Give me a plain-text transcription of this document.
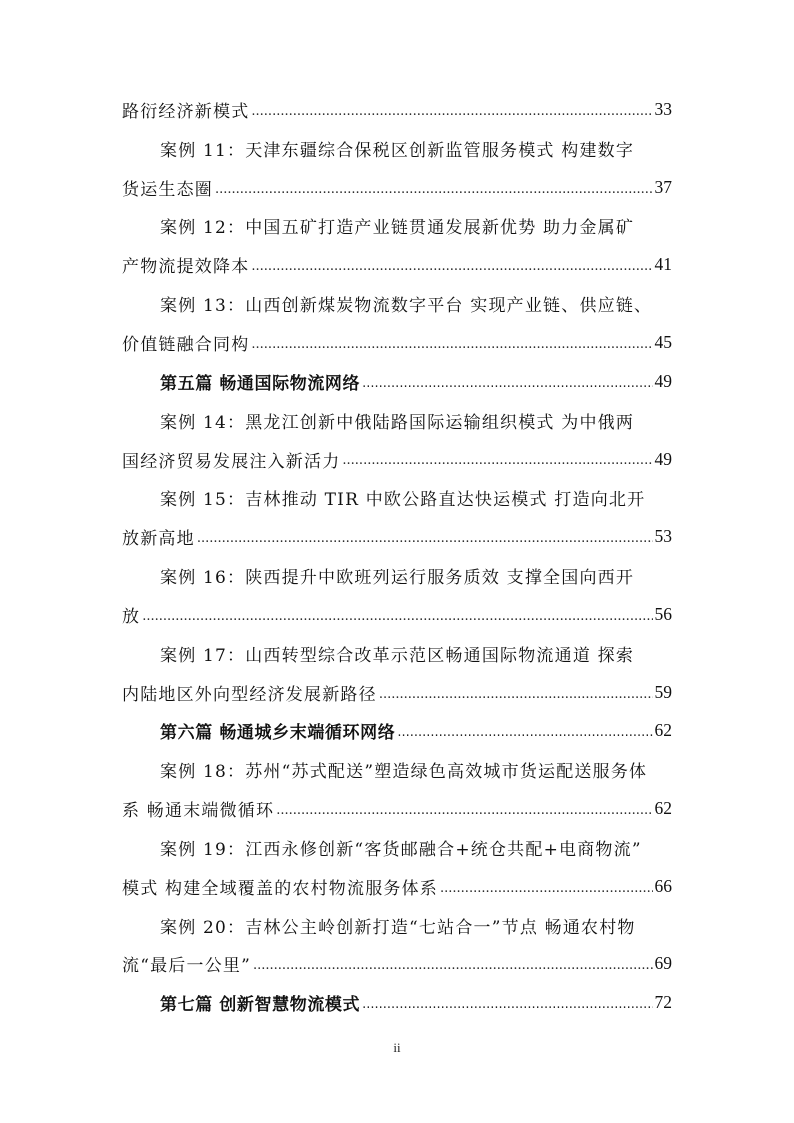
路衍经济新模式 .....	33
案例 11：天津东疆综合保税区创新监管服务模式 构建数字
货运生态圈 .....	37
案例 12：中国五矿打造产业链贯通发展新优势 助力金属矿
产物流提效降本 .....	41
案例 13：山西创新煤炭物流数字平台 实现产业链、供应链、
价值链融合同构 .....	45
第五篇 畅通国际物流网络 .....	49
案例 14：黑龙江创新中俄陆路国际运输组织模式 为中俄两
国经济贸易发展注入新活力 .....	49
案例 15：吉林推动 TIR 中欧公路直达快运模式 打造向北开
放新高地 .....	53
案例 16：陕西提升中欧班列运行服务质效 支撑全国向西开
放 .....	56
案例 17：山西转型综合改革示范区畅通国际物流通道 探索
内陆地区外向型经济发展新路径 .....	59
第六篇 畅通城乡末端循环网络 .....	62
案例 18：苏州“苏式配送”塑造绿色高效城市货运配送服务体
系 畅通末端微循环 .....	62
案例 19：江西永修创新“客货邮融合+统仓共配+电商物流”
模式 构建全域覆盖的农村物流服务体系 .....	66
案例 20：吉林公主岭创新打造“七站合一”节点 畅通农村物
流“最后一公里” .....	69
第七篇 创新智慧物流模式 .....	72
ii
